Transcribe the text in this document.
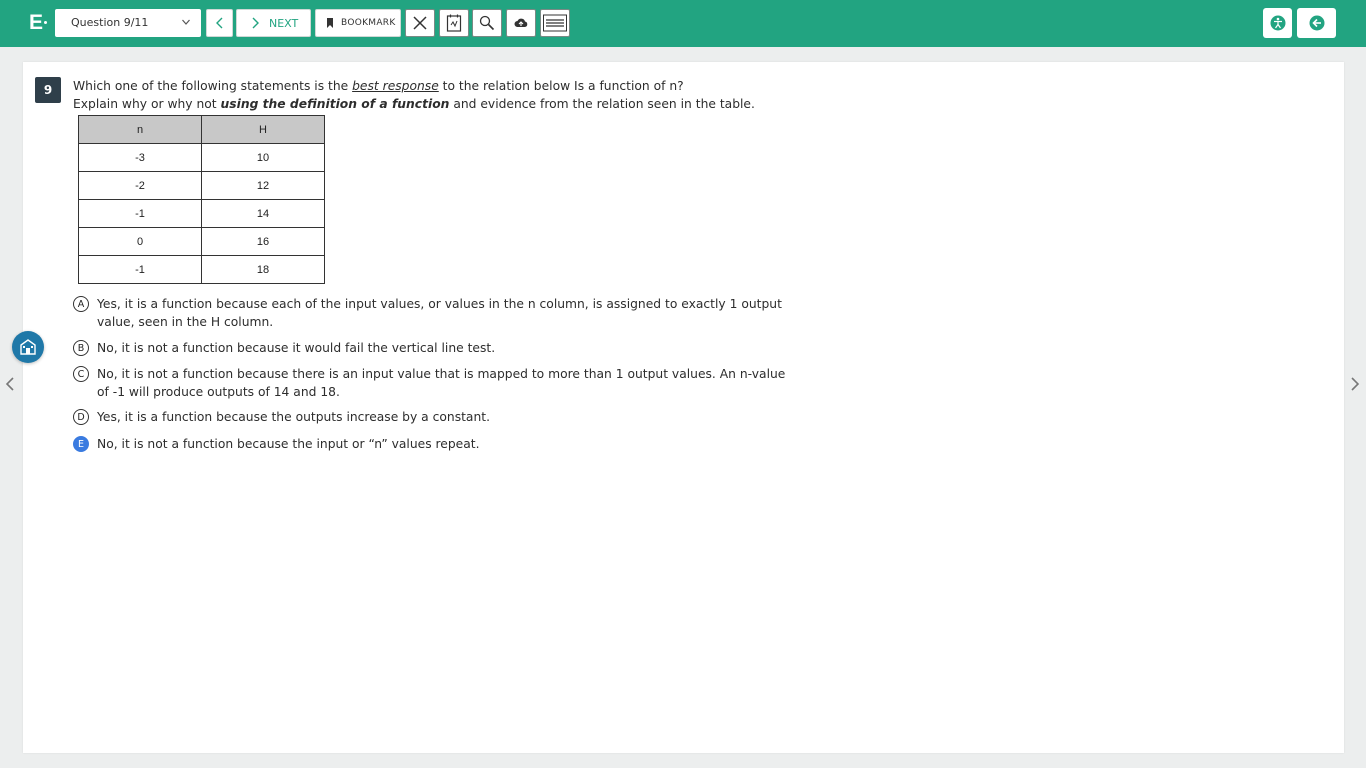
E	Question 9/11	NEXT	BOOKMARK
9	Which one of the following statements is the best response to the relation below Is a function of n?
Explain why or why not using the definition of a function and evidence from the relation seen in the table.
n	H
-3	10
-2	12
-1	14
0	16
-1	18
A	Yes, it is a function because each of the input values, or values in the n column, is assigned to exactly 1 output value, seen in the H column.
B	No, it is not a function because it would fail the vertical line test.
C	No, it is not a function because there is an input value that is mapped to more than 1 output values. An n-value of -1 will produce outputs of 14 and 18.
D	Yes, it is a function because the outputs increase by a constant.
E	No, it is not a function because the input or “n” values repeat.
